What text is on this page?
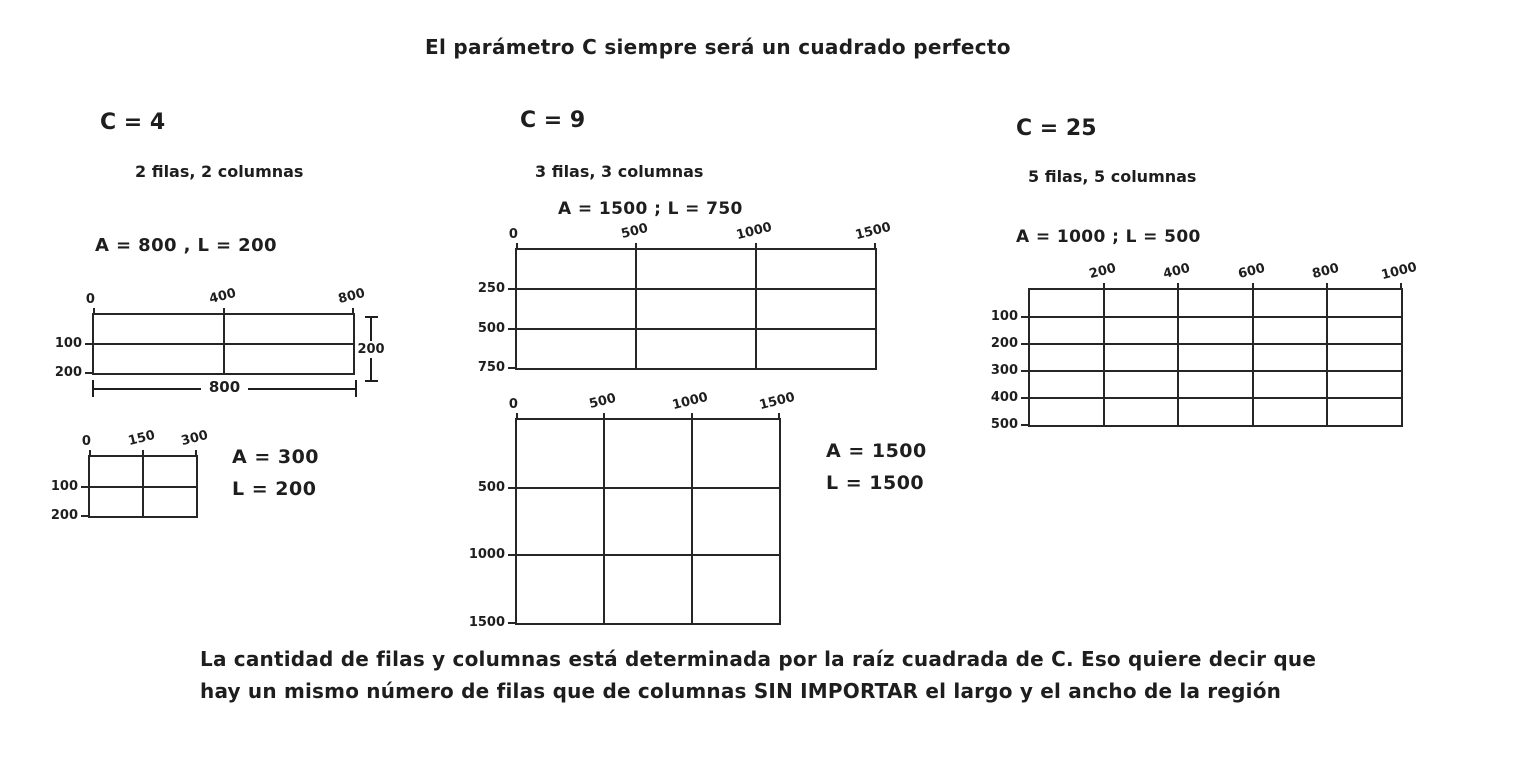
El parámetro C siempre será un cuadrado perfecto
C = 4
2 filas, 2 columnas
A = 800 , L = 200
0	400	800
100
200
200
800
0	150 300
100
200
A = 300
L = 200
C = 9
3 filas, 3 columnas
A = 1500 ; L = 750
0	500	1000	1500
250
500
750
0	500	1000	1500
500
1000
1500
A = 1500
L = 1500
C = 25
5 filas, 5 columnas
A = 1000 ; L = 500
200	400	600	800	1000
100
200
300
400
500
La cantidad de filas y columnas está determinada por la raíz cuadrada de C. Eso quiere decir que
hay un mismo número de filas que de columnas SIN IMPORTAR el largo y el ancho de la región
